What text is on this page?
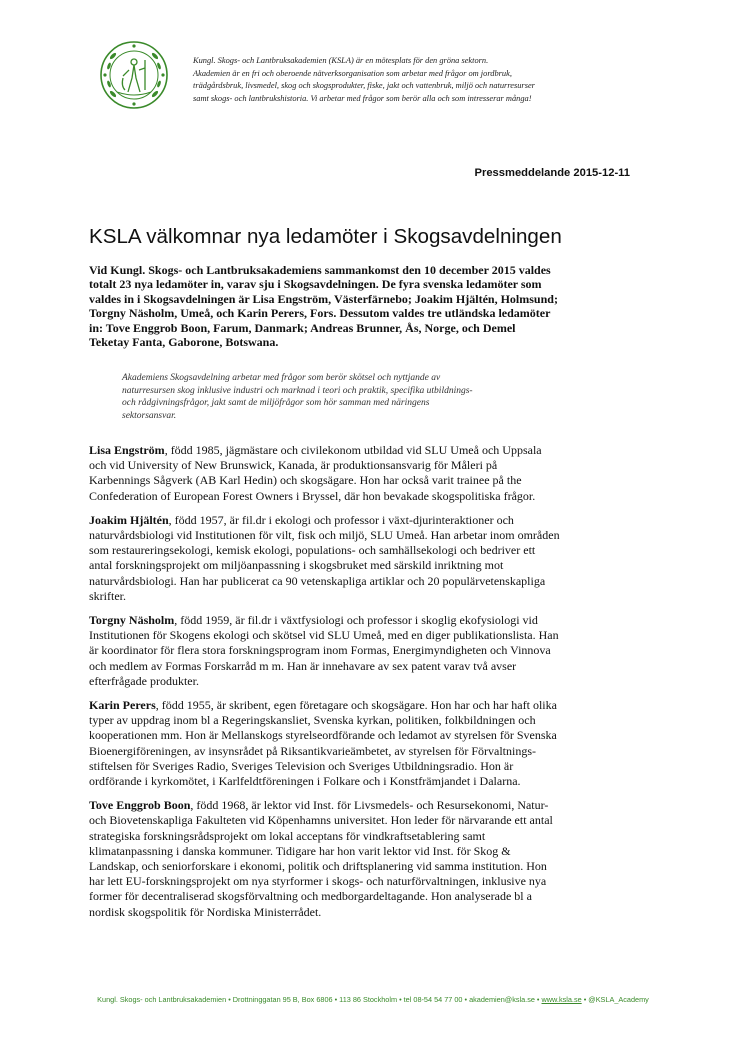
Kungl. Skogs- och Lantbruksakademien (KSLA) är en mötesplats för den gröna sektorn.
Akademien är en fri och oberoende nätverksorganisation som arbetar med frågor om jordbruk,
trädgårdsbruk, livsmedel, skog och skogsprodukter, fiske, jakt och vattenbruk, miljö och naturresurser
samt skogs- och lantbrukshistoria. Vi arbetar med frågor som berör alla och som intresserar många!
Pressmeddelande 2015-12-11
KSLA välkomnar nya ledamöter i Skogsavdelningen
Vid Kungl. Skogs- och Lantbruksakademiens sammankomst den 10 december 2015 valdes
totalt 23 nya ledamöter in, varav sju i Skogsavdelningen. De fyra svenska ledamöter som
valdes in i Skogsavdelningen är Lisa Engström, Västerfärnebo; Joakim Hjältén, Holmsund;
Torgny Näsholm, Umeå, och Karin Perers, Fors. Dessutom valdes tre utländska ledamöter
in: Tove Enggrob Boon, Farum, Danmark; Andreas Brunner, Ås, Norge, och Demel
Teketay Fanta, Gaborone, Botswana.
Akademiens Skogsavdelning arbetar med frågor som berör skötsel och nyttjande av
naturresursen skog inklusive industri och marknad i teori och praktik, specifika utbildnings-
och rådgivningsfrågor, jakt samt de miljöfrågor som hör samman med näringens
sektorsansvar.

Lisa Engström, född 1985, jägmästare och civilekonom utbildad vid SLU Umeå och Uppsala
och vid University of New Brunswick, Kanada, är produktionsansvarig för Måleri på
Karbennings Sågverk (AB Karl Hedin) och skogsägare. Hon har också varit trainee på the
Confederation of European Forest Owners i Bryssel, där hon bevakade skogspolitiska frågor.

Joakim Hjältén, född 1957, är fil.dr i ekologi och professor i växt-djurinteraktioner och
naturvårdsbiologi vid Institutionen för vilt, fisk och miljö, SLU Umeå. Han arbetar inom områden
som restaureringsekologi, kemisk ekologi, populations- och samhällsekologi och bedriver ett
antal forskningsprojekt om miljöanpassning i skogsbruket med särskild inriktning mot
naturvårdsbiologi. Han har publicerat ca 90 vetenskapliga artiklar och 20 populärvetenskapliga
skrifter.

Torgny Näsholm, född 1959, är fil.dr i växtfysiologi och professor i skoglig ekofysiologi vid
Institutionen för Skogens ekologi och skötsel vid SLU Umeå, med en diger publikationslista. Han
är koordinator för flera stora forskningsprogram inom Formas, Energimyndigheten och Vinnova
och medlem av Formas Forskarråd m m. Han är innehavare av sex patent varav två avser
efterfrågade produkter.

Karin Perers, född 1955, är skribent, egen företagare och skogsägare. Hon har och har haft olika
typer av uppdrag inom bl a Regeringskansliet, Svenska kyrkan, politiken, folkbildningen och
kooperationen mm. Hon är Mellanskogs styrelseordförande och ledamot av styrelsen för Svenska
Bioenergiföreningen, av insynsrådet på Riksantikvarieämbetet, av styrelsen för Förvaltnings-
stiftelsen för Sveriges Radio, Sveriges Television och Sveriges Utbildningsradio. Hon är
ordförande i kyrkomötet, i Karlfeldtföreningen i Folkare och i Konstfrämjandet i Dalarna.

Tove Enggrob Boon, född 1968, är lektor vid Inst. för Livsmedels- och Resursekonomi, Natur-
och Biovetenskapliga Fakulteten vid Köpenhamns universitet. Hon leder för närvarande ett antal
strategiska forskningsrådsprojekt om lokal acceptans för vindkraftsetablering samt
klimatanpassning i danska kommuner. Tidigare har hon varit lektor vid Inst. för Skog &
Landskap, och seniorforskare i ekonomi, politik och driftsplanering vid samma institution. Hon
har lett EU-forskningsprojekt om nya styrformer i skogs- och naturförvaltningen, inklusive nya
former för decentraliserad skogsförvaltning och medborgardeltagande. Hon analyserade bl a
nordisk skogspolitik för Nordiska Ministerrådet.

Kungl. Skogs- och Lantbruksakademien • Drottninggatan 95 B, Box 6806 • 113 86 Stockholm • tel 08-54 54 77 00 • akademien@ksla.se • www.ksla.se • @KSLA_Academy
